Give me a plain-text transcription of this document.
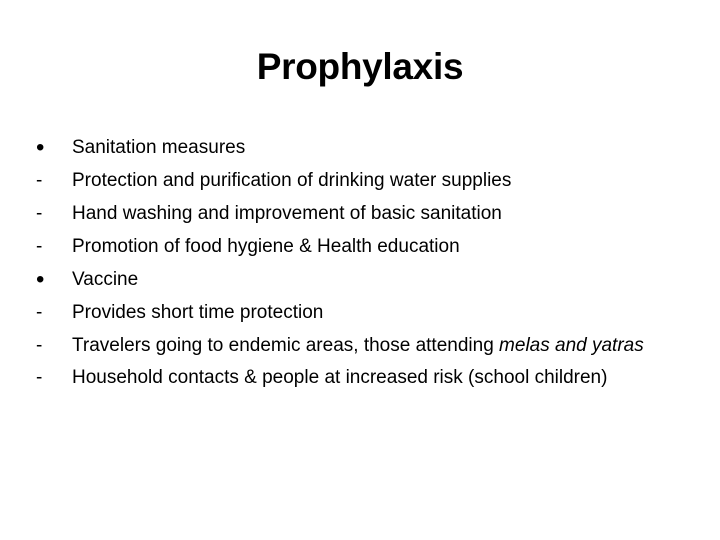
Prophylaxis
•	Sanitation measures
-	Protection and purification of drinking water supplies
-	Hand washing and improvement of basic sanitation
-	Promotion of food hygiene & Health education
•	Vaccine
-	Provides short time protection
-	Travelers going to endemic areas, those attending melas and yatras
-	Household contacts & people at increased risk (school children)
